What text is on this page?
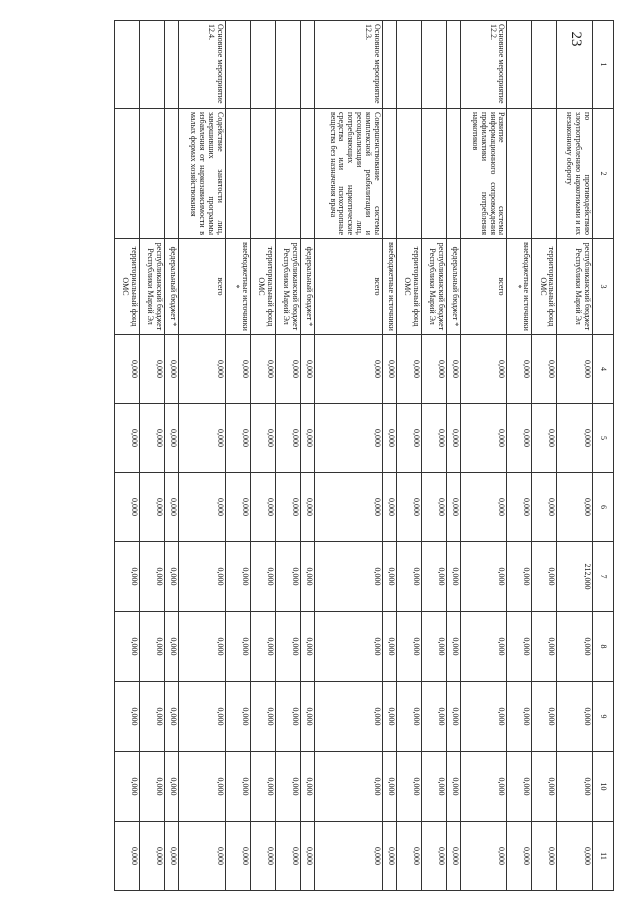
23
1	2	3	4	5	6	7	8	9	10	11
	по противодействию злоупотреблению наркотиками и их незаконному обороту	республиканский бюджет Республики Марий Эл	0,000	0,000	0,000	212,000	0,000	0,000	0,000	0,000
		территориальный фонд ОМС	0,000	0,000	0,000	0,000	0,000	0,000	0,000	0,000
		внебюджетные источники *	0,000	0,000	0,000	0,000	0,000	0,000	0,000	0,000
Основное мероприятие 12.2.	Развитие системы информационного сопровождения профилактики потребления наркотиков	всего	0,000	0,000	0,000	0,000	0,000	0,000	0,000	0,000
		федеральный бюджет *	0,000	0,000	0,000	0,000	0,000	0,000	0,000	0,000
		республиканский бюджет Республики Марий Эл	0,000	0,000	0,000	0,000	0,000	0,000	0,000	0,000
		территориальный фонд ОМС	0,000	0,000	0,000	0,000	0,000	0,000	0,000	0,000
		внебюджетные источники	0,000	0,000	0,000	0,000	0,000	0,000	0,000	0,000
Основное мероприятие 12.3.	Совершенствование системы комплексной реабилитации и ресоциализации лиц, потребляющих наркотические средства или психотропные вещества без назначения врача	всего	0,000	0,000	0,000	0,000	0,000	0,000	0,000	0,000
		федеральный бюджет *	0,000	0,000	0,000	0,000	0,000	0,000	0,000	0,000
		республиканский бюджет Республики Марий Эл	0,000	0,000	0,000	0,000	0,000	0,000	0,000	0,000
		территориальный фонд ОМС	0,000	0,000	0,000	0,000	0,000	0,000	0,000	0,000
		внебюджетные источники *	0,000	0,000	0,000	0,000	0,000	0,000	0,000	0,000
Основное мероприятие 12.4.	Содействие занятости лиц, завершивших программы избавления от наркозависимости в малых формах хозяйствования	всего	0,000	0,000	0,000	0,000	0,000	0,000	0,000	0,000
		федеральный бюджет *	0,000	0,000	0,000	0,000	0,000	0,000	0,000	0,000
		республиканский бюджет Республики Марий Эл	0,000	0,000	0,000	0,000	0,000	0,000	0,000	0,000
		территориальный фонд ОМС	0,000	0,000	0,000	0,000	0,000	0,000	0,000	0,000
